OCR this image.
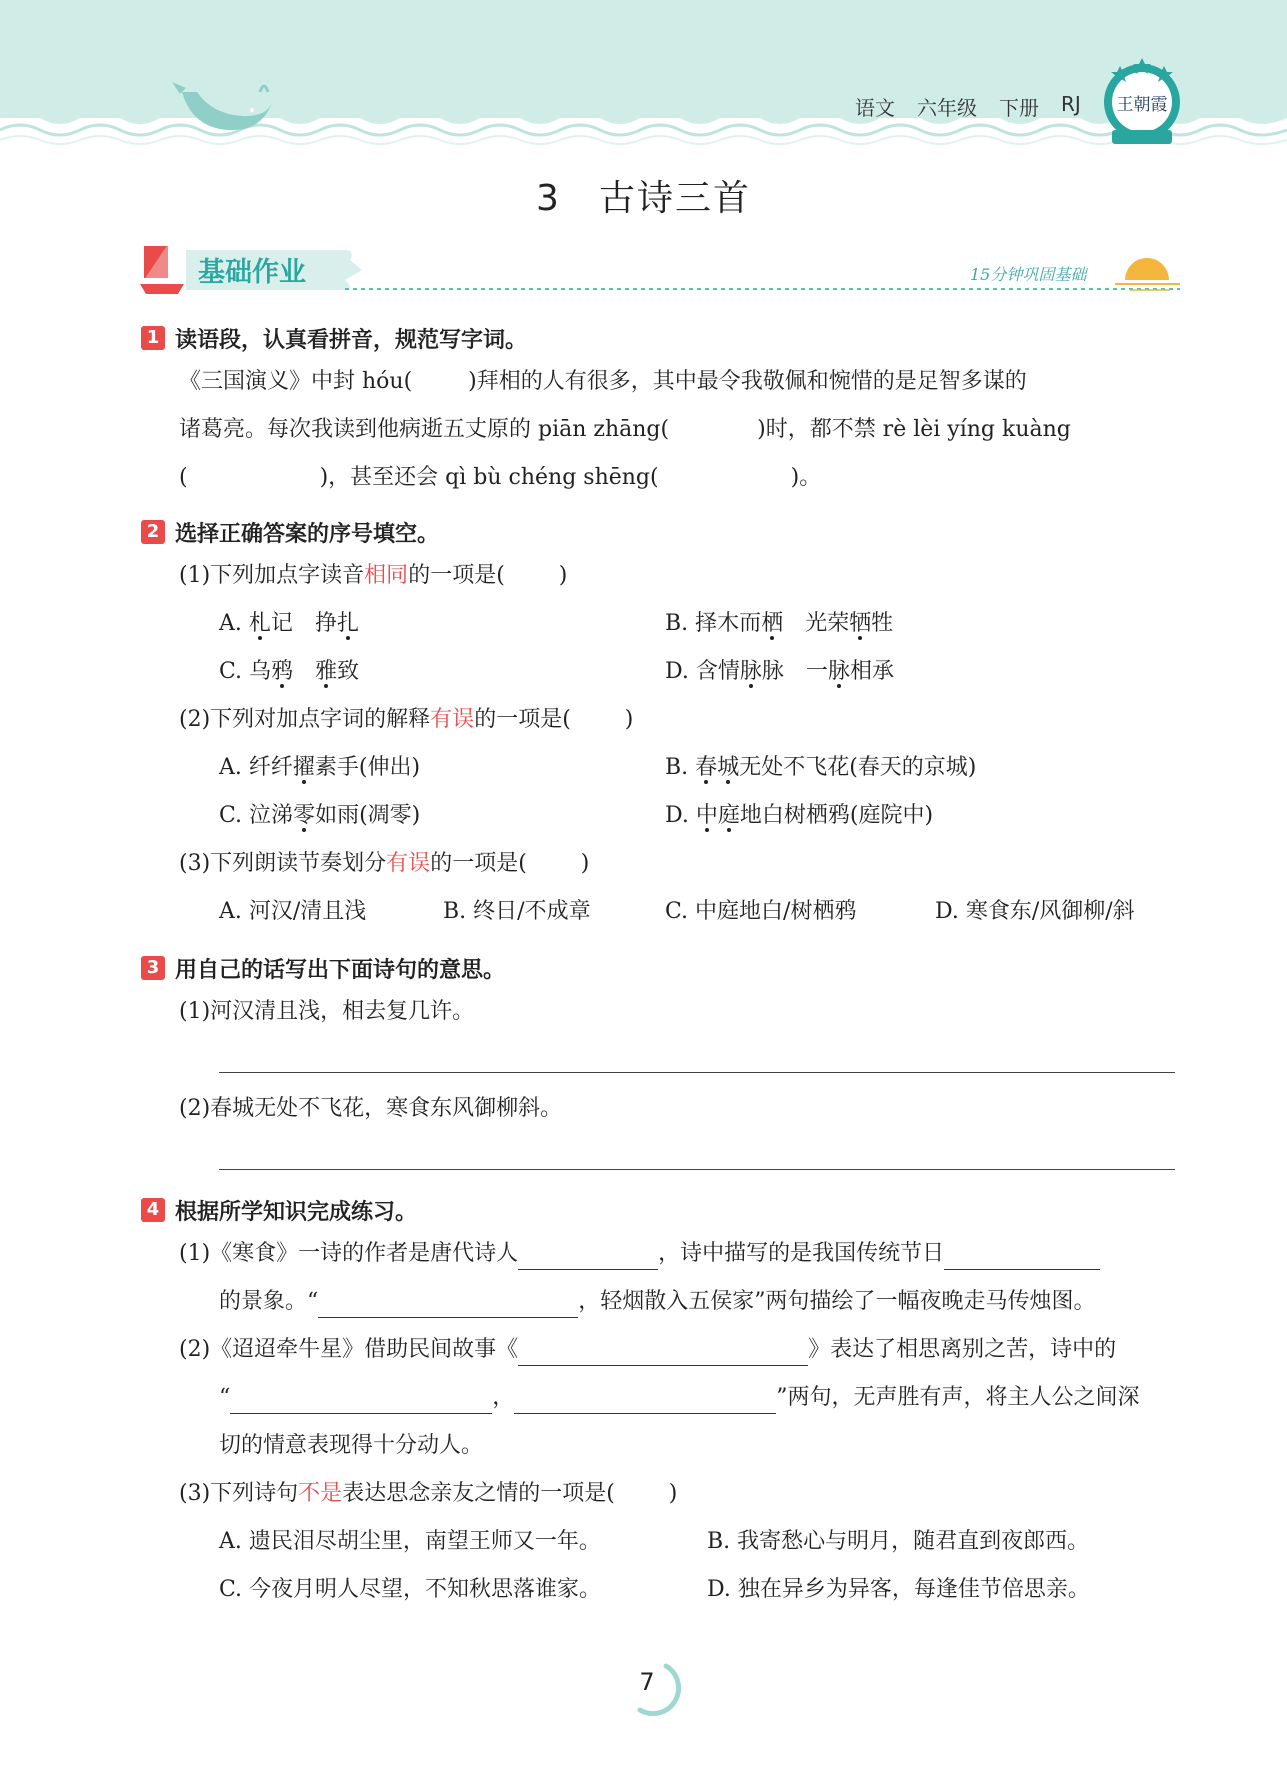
语文 六年级 下册 RJ 王朝霞
3　古诗三首
基础作业	15分钟巩固基础
1 读语段，认真看拼音，规范写字词。
《三国演义》中封 hóu(	)拜相的人有很多，其中最令我敬佩和惋惜的是足智多谋的
诸葛亮。每次我读到他病逝五丈原的 piān zhāng(	)时，都不禁 rè lèi yíng kuàng
(	)，甚至还会 qì bù chéng shēng(	)。
2 选择正确答案的序号填空。
(1)下列加点字读音相同的一项是( )
A. 札记　 挣扎	B. 择木而栖　 光荣牺牲
C. 乌鸦　 雅致	D. 含情脉脉　 一脉相承
(2)下列对加点字词的解释有误的一项是( )
A. 纤纤擢素手(伸出)	B. 春城无处不飞花(春天的京城)
C. 泣涕零如雨(凋零)	D. 中庭地白树栖鸦(庭院中)
(3)下列朗读节奏划分有误的一项是( )
A. 河汉/清且浅	B. 终日/不成章	C. 中庭地白/树栖鸦	D. 寒食东/风御柳/斜
3 用自己的话写出下面诗句的意思。
(1)河汉清且浅，相去复几许。
(2)春城无处不飞花，寒食东风御柳斜。
4 根据所学知识完成练习。
(1)《寒食》一诗的作者是唐代诗人	，诗中描写的是我国传统节日
的景象。“	，轻烟散入五侯家”两句描绘了一幅夜晚走马传烛图。
(2)《迢迢牵牛星》借助民间故事《	》表达了相思离别之苦，诗中的
“	，	”两句，无声胜有声，将主人公之间深
切的情意表现得十分动人。
(3)下列诗句不是表达思念亲友之情的一项是( )
A. 遗民泪尽胡尘里，南望王师又一年。	B. 我寄愁心与明月，随君直到夜郎西。
C. 今夜月明人尽望，不知秋思落谁家。	D. 独在异乡为异客，每逢佳节倍思亲。
7
